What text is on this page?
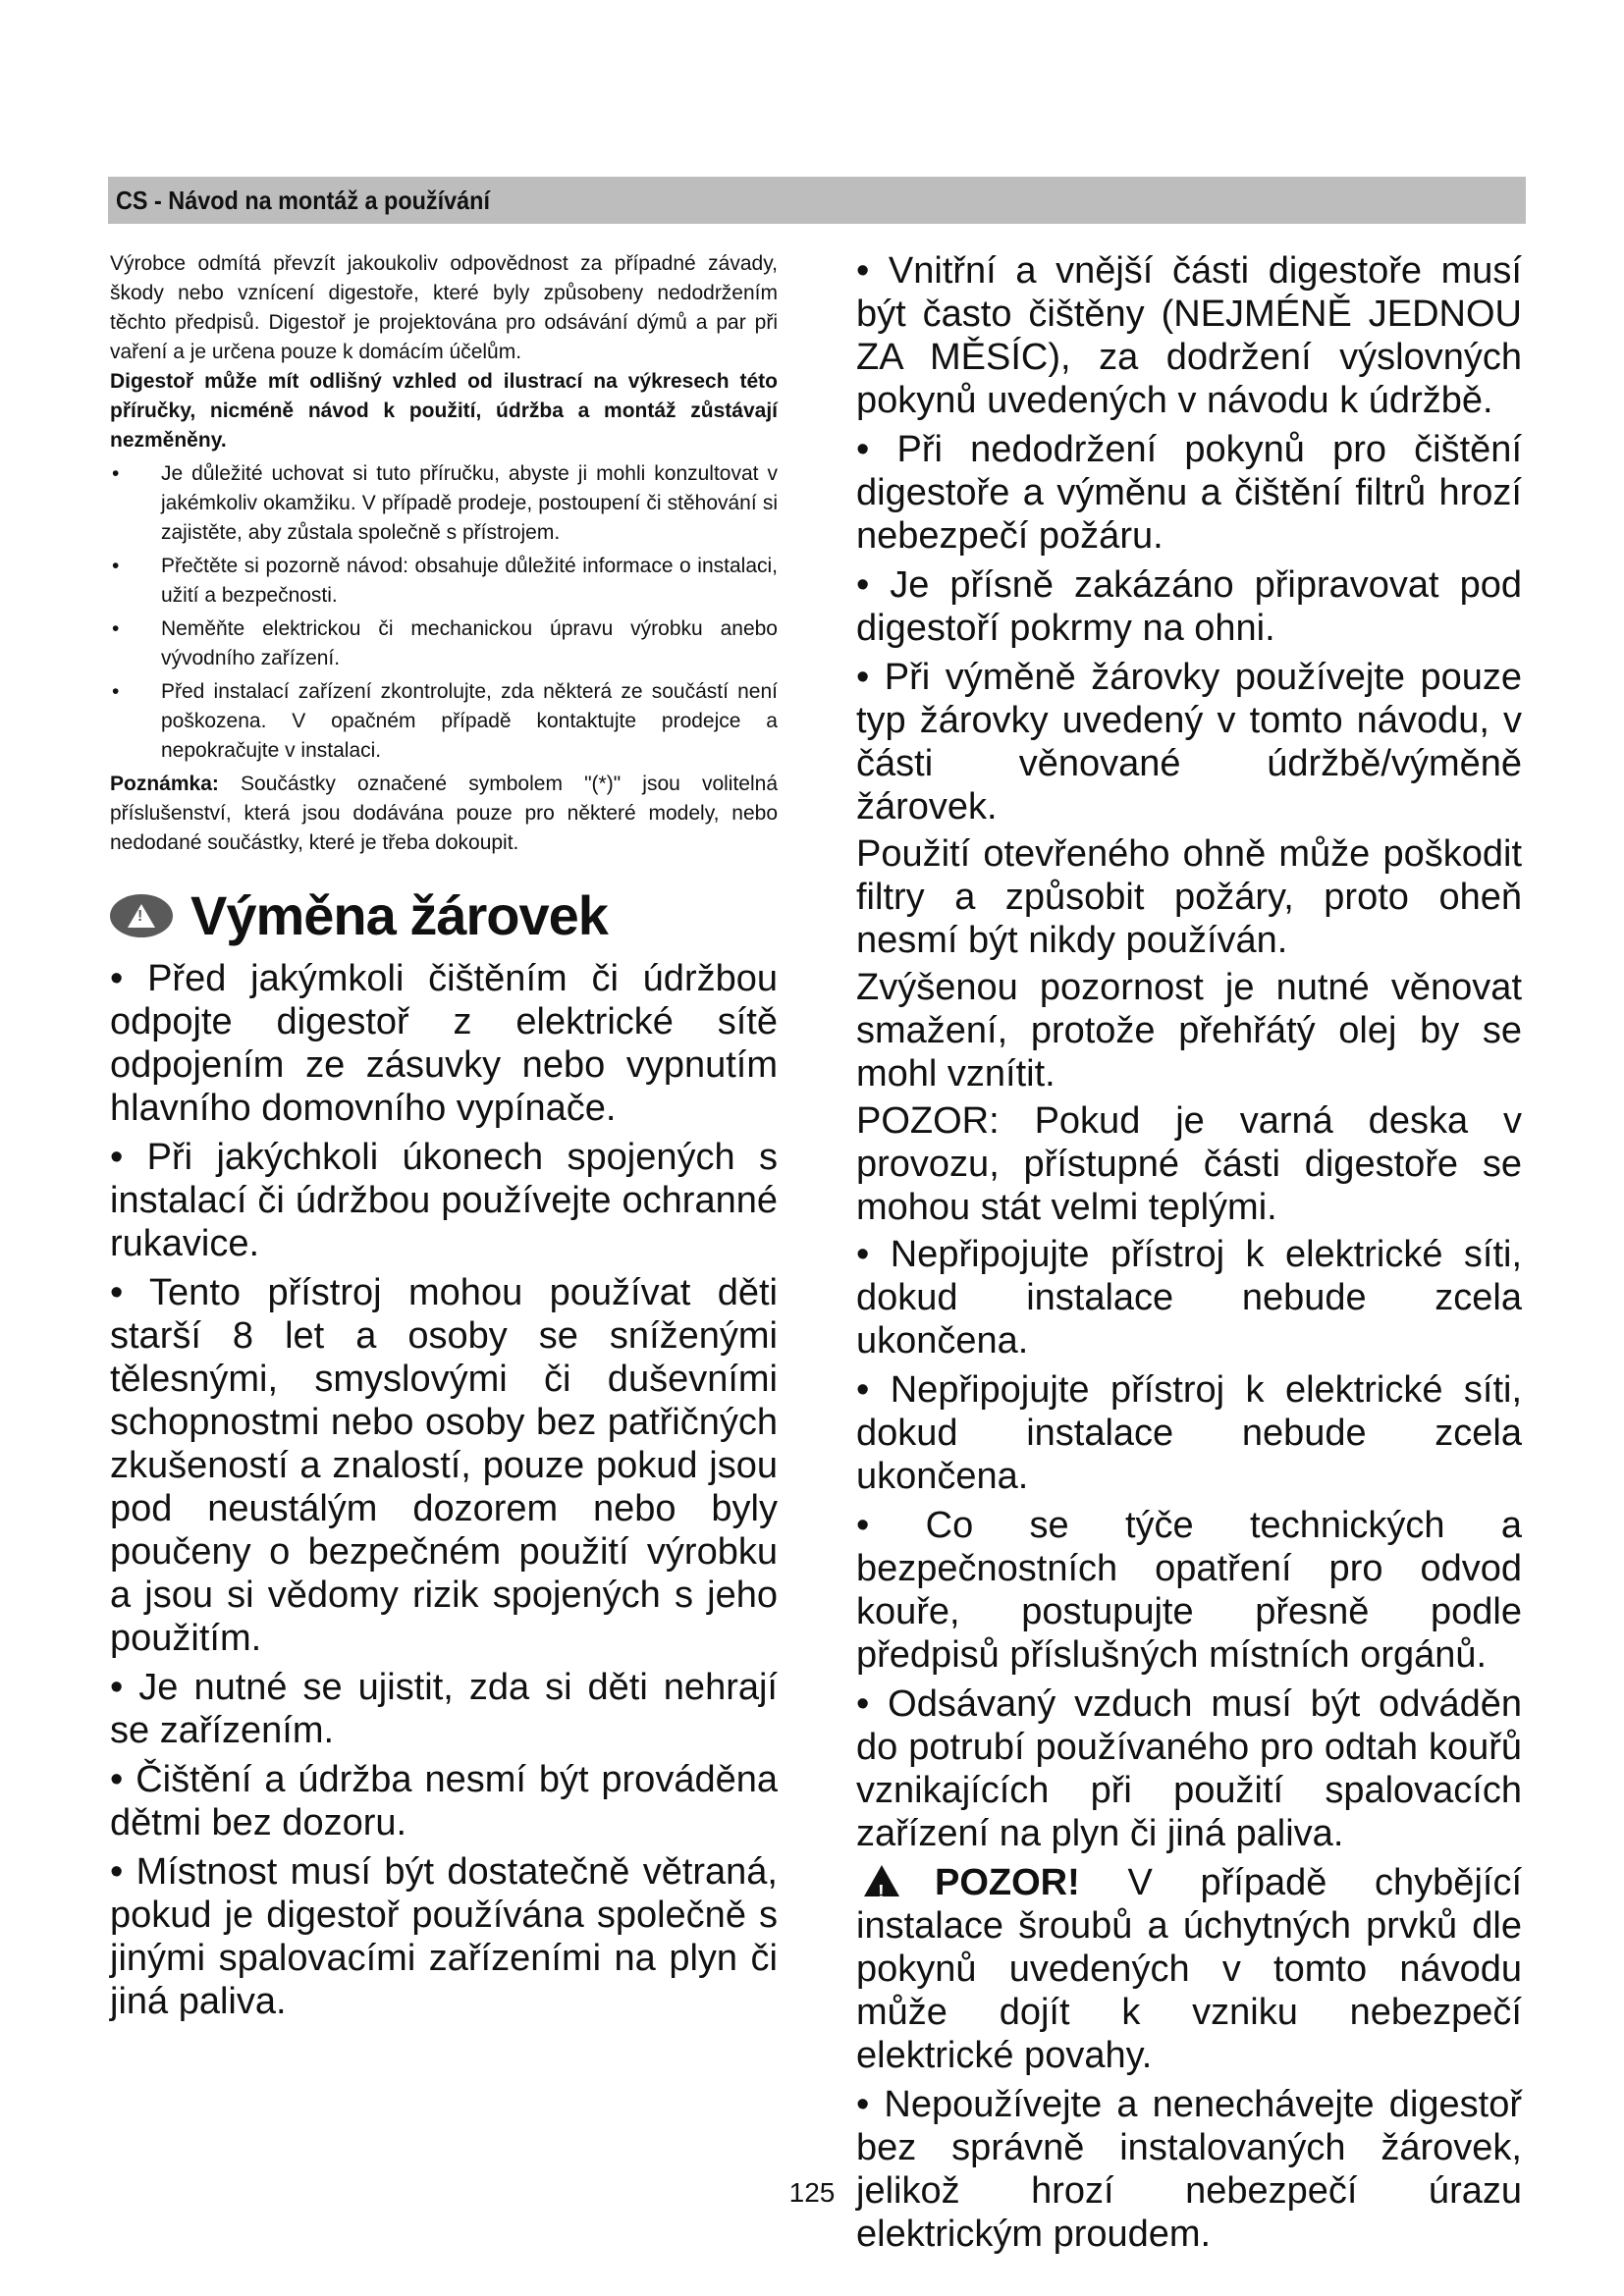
CS - Návod na montáž a používání

Výrobce odmítá převzít jakoukoliv odpovědnost za případné závady, škody nebo vznícení digestoře, které byly způsobeny nedodržením těchto předpisů. Digestoř je projektována pro odsávání dýmů a par při vaření a je určena pouze k domácím účelům.

Digestoř může mít odlišný vzhled od ilustrací na výkresech této příručky, nicméně návod k použití, údržba a montáž zůstávají nezměněny.

• Je důležité uchovat si tuto příručku, abyste ji mohli konzultovat v jakémkoliv okamžiku. V případě prodeje, postoupení či stěhování si zajistěte, aby zůstala společně s přístrojem.
• Přečtěte si pozorně návod: obsahuje důležité informace o instalaci, užití a bezpečnosti.
• Neměňte elektrickou či mechanickou úpravu výrobku anebo vývodního zařízení.
• Před instalací zařízení zkontrolujte, zda některá ze součástí není poškozena. V opačném případě kontaktujte prodejce a nepokračujte v instalaci.

Poznámka: Součástky označené symbolem "(*)" jsou volitelná příslušenství, která jsou dodávána pouze pro některé modely, nebo nedodané součástky, které je třeba dokoupit.

!
Výměna žárovek

• Před jakýmkoli čištěním či údržbou odpojte digestoř z elektrické sítě odpojením ze zásuvky nebo vypnutím hlavního domovního vypínače.

• Při jakýchkoli úkonech spojených s instalací či údržbou používejte ochranné rukavice.

• Tento přístroj mohou používat děti starší 8 let a osoby se sníženými tělesnými, smyslovými či duševními schopnostmi nebo osoby bez patřičných zkušeností a znalostí, pouze pokud jsou pod neustálým dozorem nebo byly poučeny o bezpečném použití výrobku a jsou si vědomy rizik spojených s jeho použitím.

• Je nutné se ujistit, zda si děti nehrají se zařízením.

• Čištění a údržba nesmí být prováděna dětmi bez dozoru.

• Místnost musí být dostatečně větraná, pokud je digestoř používána společně s jinými spalovacími zařízeními na plyn či jiná paliva.

• Vnitřní a vnější části digestoře musí být často čištěny (NEJMÉNĚ JEDNOU ZA MĚSÍC), za dodržení výslovných pokynů uvedených v návodu k údržbě.

• Při nedodržení pokynů pro čištění digestoře a výměnu a čištění filtrů hrozí nebezpečí požáru.

• Je přísně zakázáno připravovat pod digestoří pokrmy na ohni.

• Při výměně žárovky používejte pouze typ žárovky uvedený v tomto návodu, v části věnované údržbě/výměně žárovek.

Použití otevřeného ohně může poškodit filtry a způsobit požáry, proto oheň nesmí být nikdy používán.

Zvýšenou pozornost je nutné věnovat smažení, protože přehřátý olej by se mohl vznítit.

POZOR: Pokud je varná deska v provozu, přístupné části digestoře se mohou stát velmi teplými.

• Nepřipojujte přístroj k elektrické síti, dokud instalace nebude zcela ukončena.

• Nepřipojujte přístroj k elektrické síti, dokud instalace nebude zcela ukončena.

• Co se týče technických a bezpečnostních opatření pro odvod kouře, postupujte přesně podle předpisů příslušných místních orgánů.

• Odsávaný vzduch musí být odváděn do potrubí používaného pro odtah kouřů vznikajících při použití spalovacích zařízení na plyn či jiná paliva.

!POZOR! V případě chybějící instalace šroubů a úchytných prvků dle pokynů uvedených v tomto návodu může dojít k vzniku nebezpečí elektrické povahy.

• Nepoužívejte a nenechávejte digestoř bez správně instalovaných žárovek, jelikož hrozí nebezpečí úrazu elektrickým proudem.

125
